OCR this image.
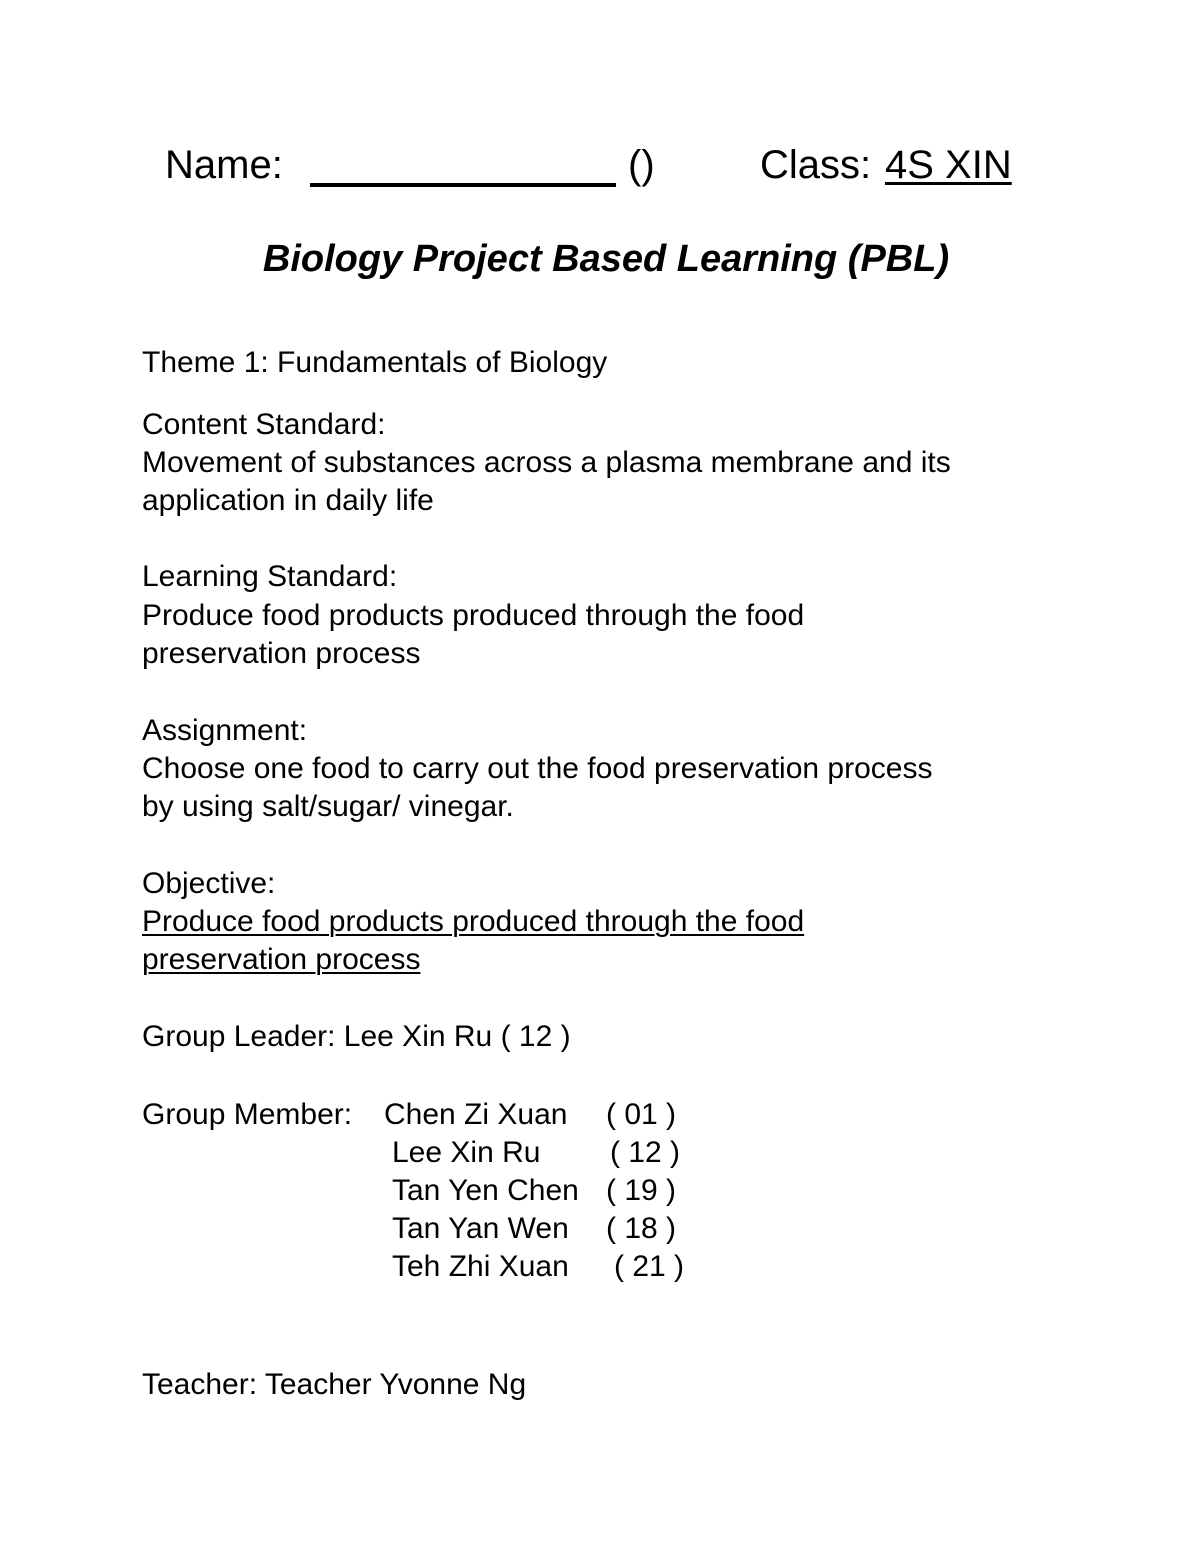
Name:	()	Class: 4S XIN
Biology Project Based Learning (PBL)
Theme 1: Fundamentals of Biology
Content Standard:
Movement of substances across a plasma membrane and its
application in daily life
Learning Standard:
Produce food products produced through the food
preservation process
Assignment:
Choose one food to carry out the food preservation process
by using salt/sugar/ vinegar.
Objective:
Produce food products produced through the food
preservation process
Group Leader: Lee Xin Ru ( 12 )
Group Member: Chen Zi Xuan ( 01 )
Lee Xin Ru ( 12 )
Tan Yen Chen ( 19 )
Tan Yan Wen ( 18 )
Teh Zhi Xuan ( 21 )
Teacher: Teacher Yvonne Ng
